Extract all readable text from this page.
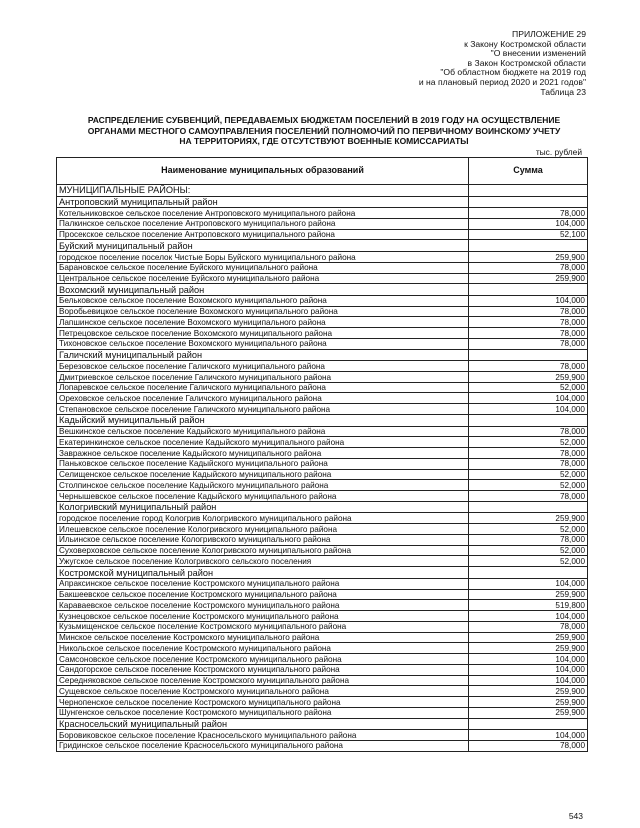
ПРИЛОЖЕНИЕ 29
к Закону Костромской области
"О внесении изменений
в Закон Костромской области
"Об областном бюджете на 2019 год
и на плановый период 2020 и 2021 годов"
Таблица 23
РАСПРЕДЕЛЕНИЕ СУБВЕНЦИЙ, ПЕРЕДАВАЕМЫХ БЮДЖЕТАМ ПОСЕЛЕНИЙ В 2019 ГОДУ НА ОСУЩЕСТВЛЕНИЕ
ОРГАНАМИ МЕСТНОГО САМОУПРАВЛЕНИЯ ПОСЕЛЕНИЙ ПОЛНОМОЧИЙ ПО ПЕРВИЧНОМУ ВОИНСКОМУ УЧЕТУ
НА ТЕРРИТОРИЯХ, ГДЕ ОТСУТСТВУЮТ ВОЕННЫЕ КОМИССАРИАТЫ
тыс. рублей
Наименование муниципальных образований	Сумма
МУНИЦИПАЛЬНЫЕ РАЙОНЫ:	
Антроповский муниципальный район	
Котельниковское сельское поселение Антроповского муниципального района	78,000
Палкинское сельское поселение Антроповского муниципального района	104,000
Просекское сельское поселение Антроповского муниципального района	52,100
Буйский муниципальный район	
городское поселение поселок Чистые Боры Буйского муниципального района	259,900
Барановское сельское поселение Буйского муниципального района	78,000
Центральное сельское поселение Буйского муниципального района	259,900
Вохомский муниципальный район	
Бельковское сельское поселение Вохомского муниципального района	104,000
Воробьевицкое сельское поселение Вохомского муниципального района	78,000
Лапшинское сельское поселение Вохомского муниципального района	78,000
Петрецовское сельское поселение Вохомского муниципального района	78,000
Тихоновское сельское поселение Вохомского муниципального района	78,000
Галичский муниципальный район	
Березовское сельское поселение Галичского муниципального района	78,000
Дмитриевское сельское поселение Галичского муниципального района	259,900
Лопаревское сельское поселение Галичского муниципального района	52,000
Ореховское сельское поселение Галичского муниципального района	104,000
Степановское сельское поселение Галичского муниципального района	104,000
Кадыйский муниципальный район	
Вешкинское сельское поселение Кадыйского муниципального района	78,000
Екатеринкинское сельское поселение Кадыйского муниципального района	52,000
Завражное сельское поселение Кадыйского муниципального района	78,000
Паньковское сельское поселение Кадыйского муниципального района	78,000
Селищенское сельское поселение Кадыйского муниципального района	52,000
Столпинское сельское поселение Кадыйского муниципального района	52,000
Чернышевское сельское поселение Кадыйского муниципального района	78,000
Кологривский муниципальный район	
городское поселение город Кологрив Кологривского муниципального района	259,900
Илешевское сельское поселение Кологривского муниципального района	52,000
Ильинское сельское поселение Кологривского муниципального района	78,000
Суховерховское сельское поселение Кологривского муниципального района	52,000
Ужугское сельское поселение Кологривского сельского поселения	52,000
Костромской муниципальный район	
Апраксинское сельское поселение Костромского муниципального района	104,000
Бакшеевское сельское поселение Костромского муниципального района	259,900
Караваевское сельское поселение Костромского муниципального района	519,800
Кузнецовское сельское поселение Костромского муниципального района	104,000
Кузьмищенское сельское поселение Костромского муниципального района	78,000
Минское сельское поселение Костромского муниципального района	259,900
Никольское сельское поселение Костромского муниципального района	259,900
Самсоновское сельское поселение Костромского муниципального района	104,000
Сандогорское сельское поселение Костромского муниципального района	104,000
Середняковское сельское поселение Костромского муниципального района	104,000
Сущевское сельское поселение Костромского муниципального района	259,900
Чернопенское сельское поселение Костромского муниципального района	259,900
Шунгенское сельское поселение Костромского муниципального района	259,900
Красносельский муниципальный район	
Боровиковское сельское поселение Красносельского муниципального района	104,000
Гридинское сельское поселение Красносельского муниципального района	78,000
543
